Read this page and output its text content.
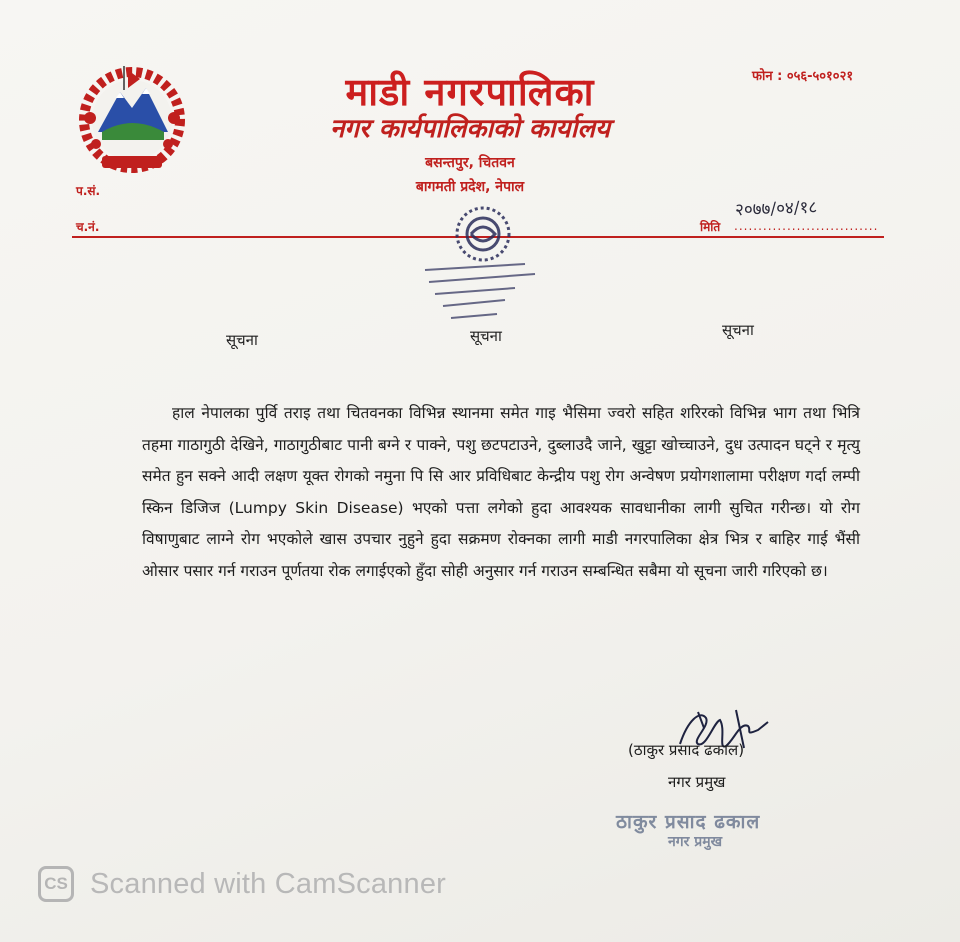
माडी नगरपालिका
नगर कार्यपालिकाको कार्यालय
बसन्तपुर, चितवन
बागमती प्रदेश, नेपाल
फोन : ०५६-५०१०२१
प.सं.
च.नं.
२०७७/०४/१८
मिति ..............................
सूचना	सूचना	सूचना
हाल नेपालका पुर्वि तराइ तथा चितवनका विभिन्न स्थानमा समेत गाइ भैसिमा ज्वरो सहित शरिरको विभिन्न भाग तथा भित्रि तहमा गाठागुठी देखिने, गाठागुठीबाट पानी बग्ने र पाक्ने, पशु छटपटाउने, दुब्लाउदै जाने, खुट्टा खोच्चाउने, दुध उत्पादन घट्ने र मृत्यु समेत हुन सक्ने आदी लक्षण यूक्त रोगको नमुना पि सि आर प्रविधिबाट केन्द्रीय पशु रोग अन्वेषण प्रयोगशालामा परीक्षण गर्दा लम्पी स्किन डिजिज (Lumpy Skin Disease) भएको पत्ता लगेको हुदा आवश्यक सावधानीका लागी सुचित गरीन्छ। यो रोग विषाणुबाट लाग्ने रोग भएकोले खास उपचार नुहुने हुदा सक्रमण रोक्नका लागी माडी नगरपालिका क्षेत्र भित्र र बाहिर गाई भैंसी ओसार पसार गर्न गराउन पूर्णतया रोक लगाईएको हुँदा सोही अनुसार गर्न गराउन सम्बन्धित सबैमा यो सूचना जारी गरिएको छ।
(ठाकुर प्रसाद ढकाल)
नगर प्रमुख
ठाकुर प्रसाद ढकाल
नगर प्रमुख
CS Scanned with CamScanner
